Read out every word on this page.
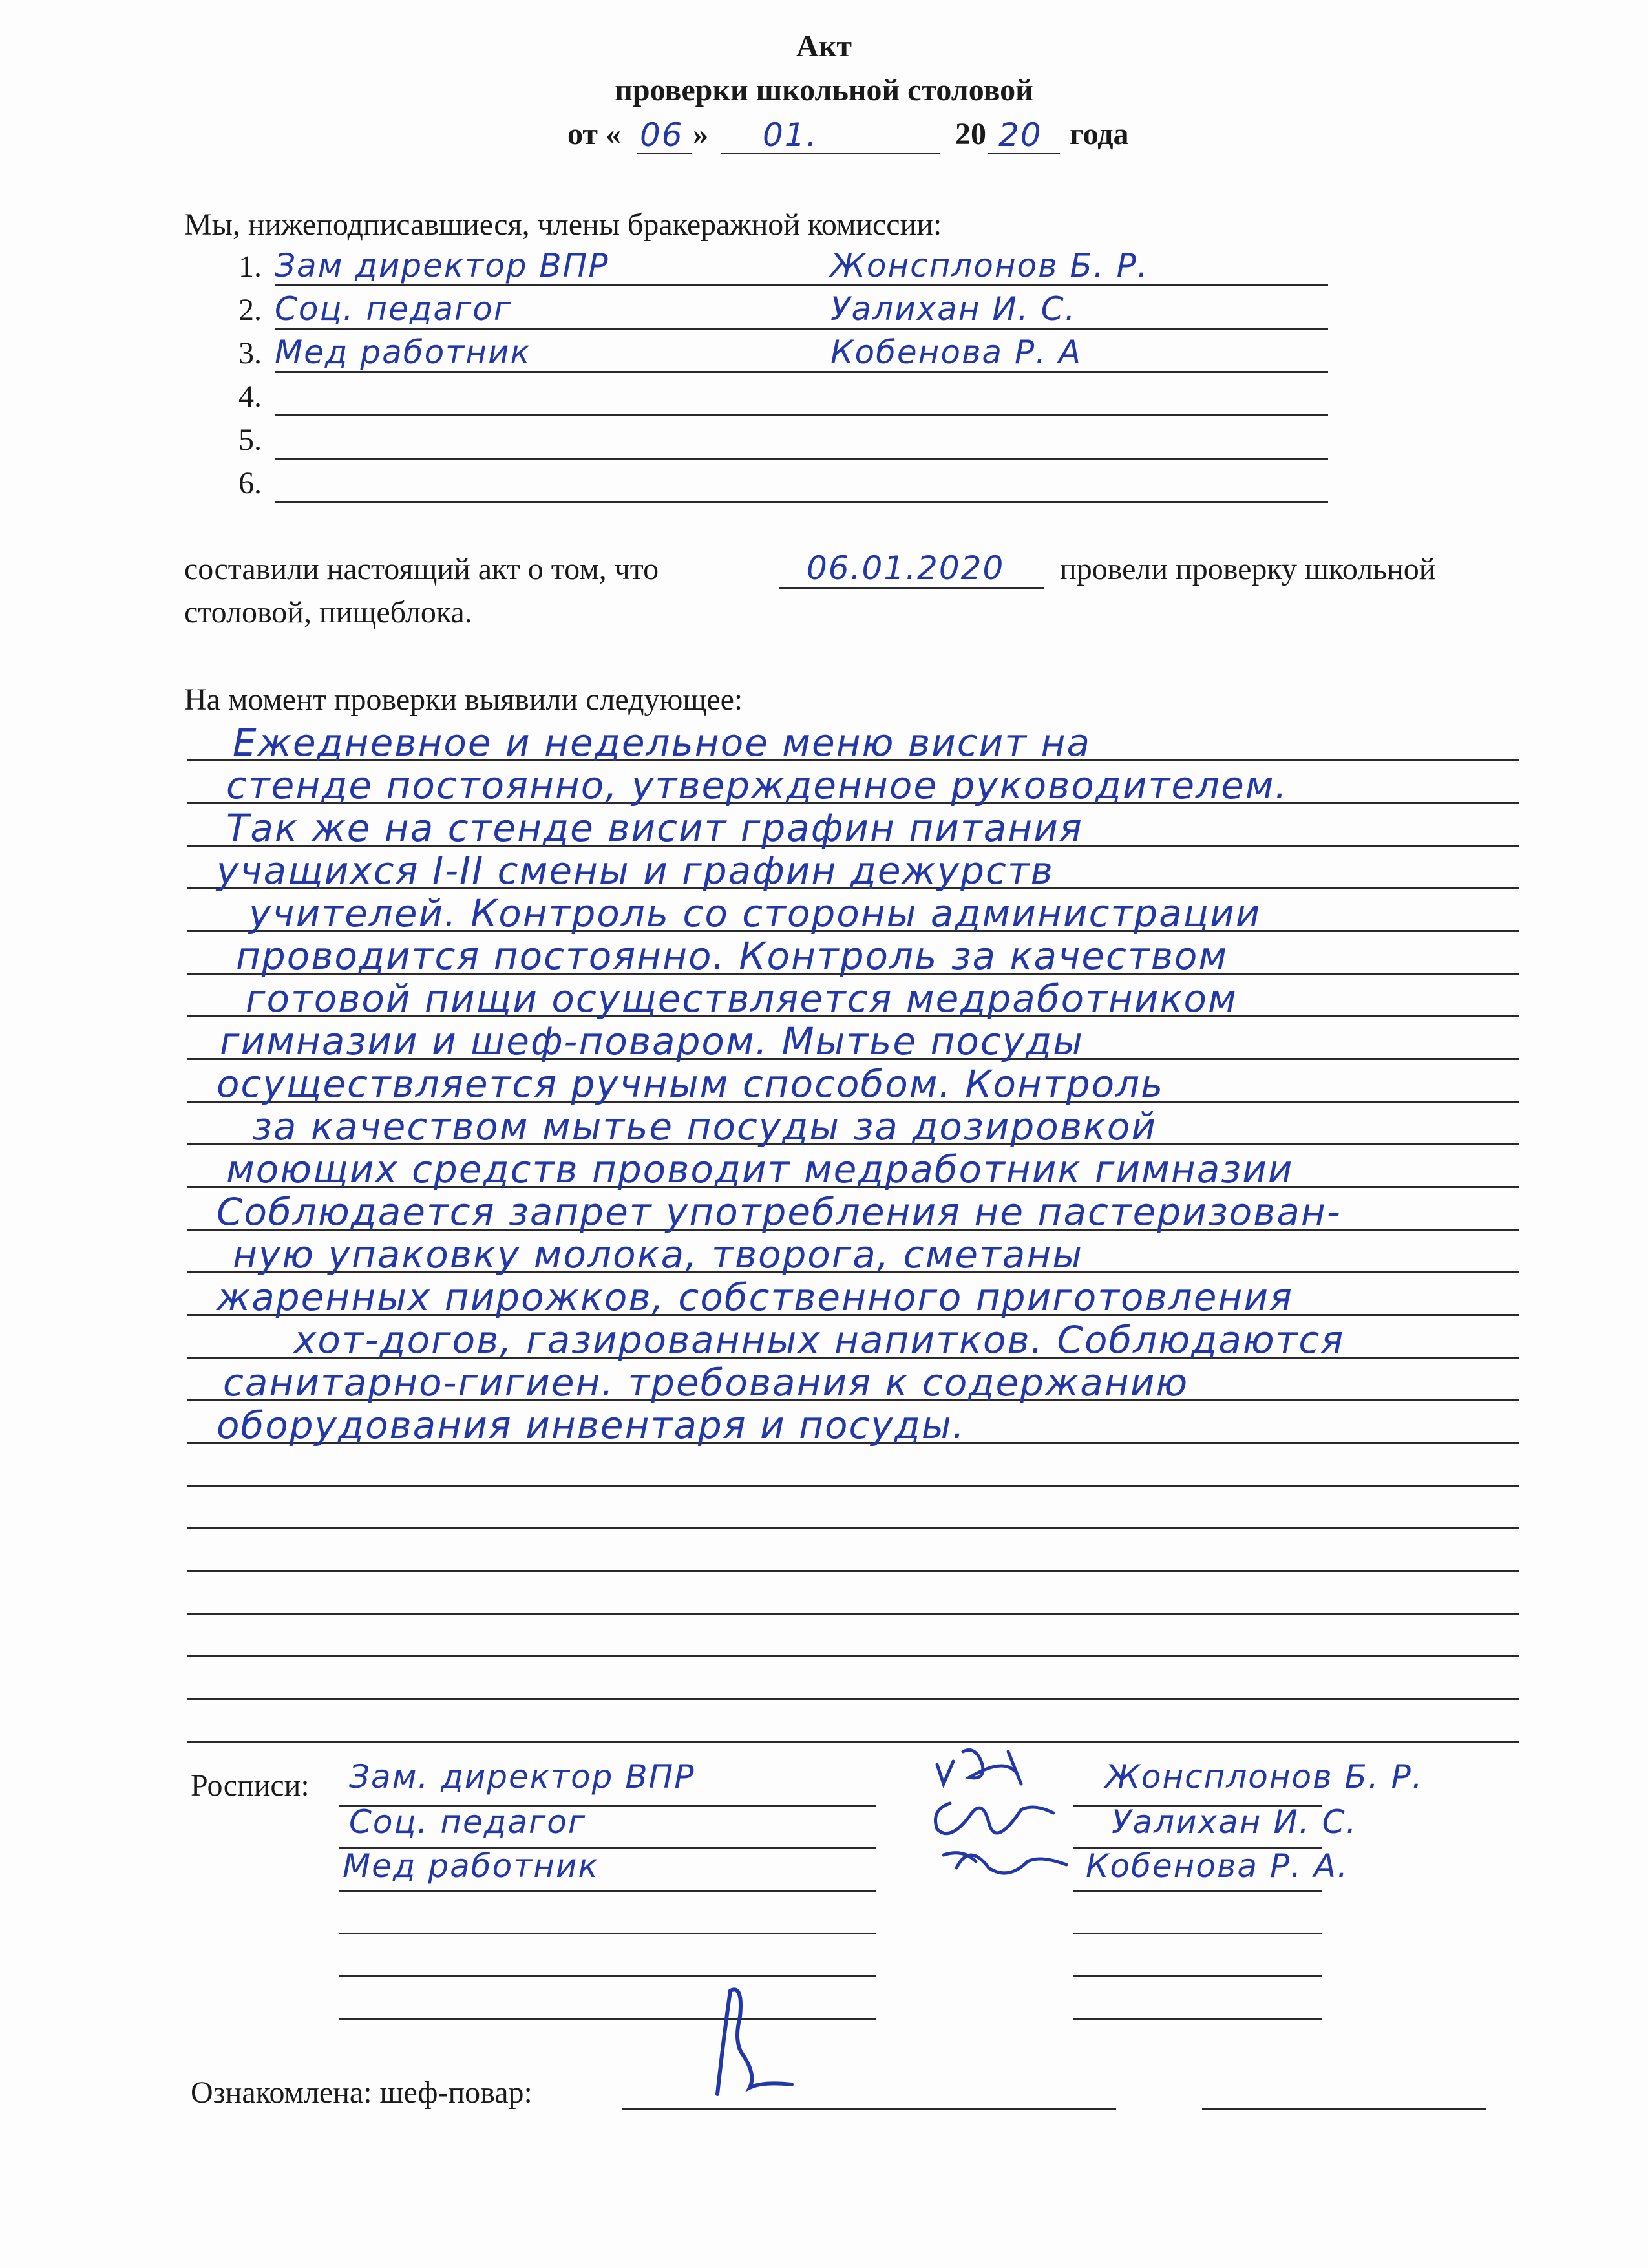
Акт
проверки школьной столовой
от « 06 » 01.	20 20 года
Мы, нижеподписавшиеся, члены бракеражной комиссии:
1. Зам директор ВПР	Жонсплонов Б. Р.
2. Соц. педагог	Уалихан И. С.
3. Мед работник	Кобенова Р. А
4.
5.
6.
составили настоящий акт о том, что	06.01.2020 провели проверку школьной
столовой, пищеблока.
На момент проверки выявили следующее:
Ежедневное и недельное меню висит на
стенде постоянно, утвержденное руководителем.
Так же на стенде висит графин питания
учащихся I-II смены и графин дежурств
учителей. Контроль со стороны администрации
проводится постоянно. Контроль за качеством
готовой пищи осуществляется медработником
гимназии и шеф-поваром. Мытье посуды
осуществляется ручным способом. Контроль
за качеством мытье посуды за дозировкой
моющих средств проводит медработник гимназии
Соблюдается запрет употребления не пастеризован-
ную упаковку молока, творога, сметаны
жаренных пирожков, собственного приготовления
хот-догов, газированных напитков. Соблюдаются
санитарно-гигиен. требования к содержанию
оборудования инвентаря и посуды.
Росписи: Зам. директор ВПР	Жонсплонов Б. Р.
Соц. педагог	Уалихан И. С.
Мед работник	Кобенова Р. А.
Ознакомлена: шеф-повар:
